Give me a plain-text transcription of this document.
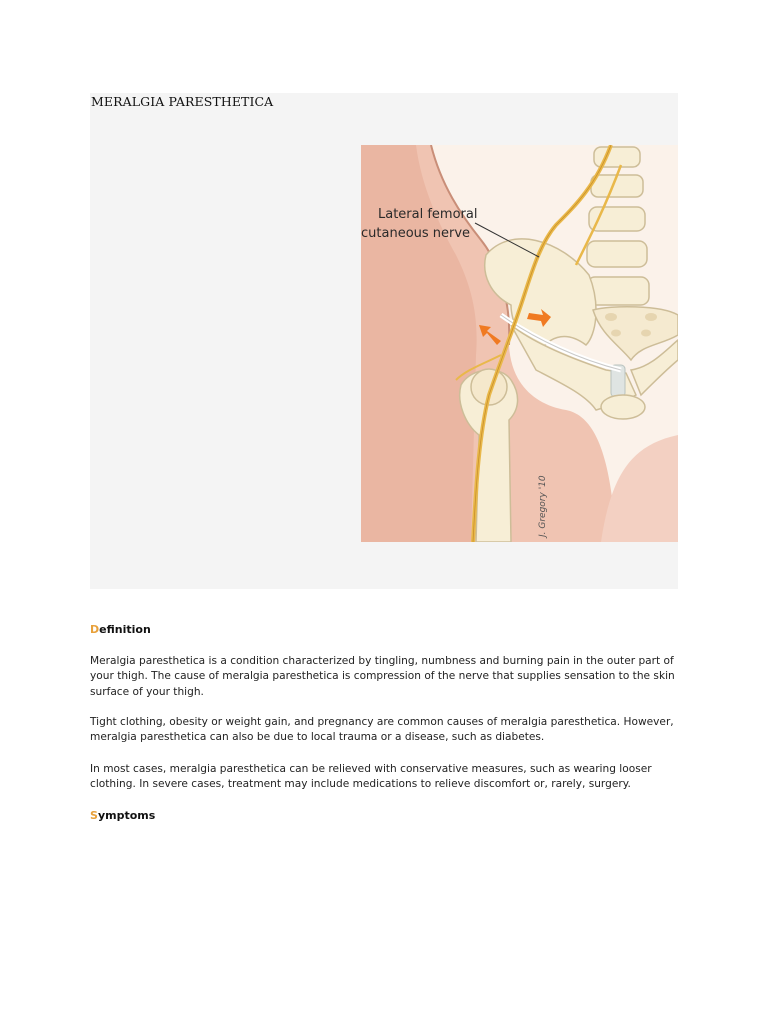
MERALGIA PARESTHETICA
Lateral femoral
cutaneous nerve
J. Gregory '10
Definition

Meralgia paresthetica is a condition characterized by tingling, numbness and burning pain in the outer part of your thigh. The cause of meralgia paresthetica is compression of the nerve that supplies sensation to the skin surface of your thigh.

Tight clothing, obesity or weight gain, and pregnancy are common causes of meralgia paresthetica. However, meralgia paresthetica can also be due to local trauma or a disease, such as diabetes.

In most cases, meralgia paresthetica can be relieved with conservative measures, such as wearing looser clothing. In severe cases, treatment may include medications to relieve discomfort or, rarely, surgery.

Symptoms
